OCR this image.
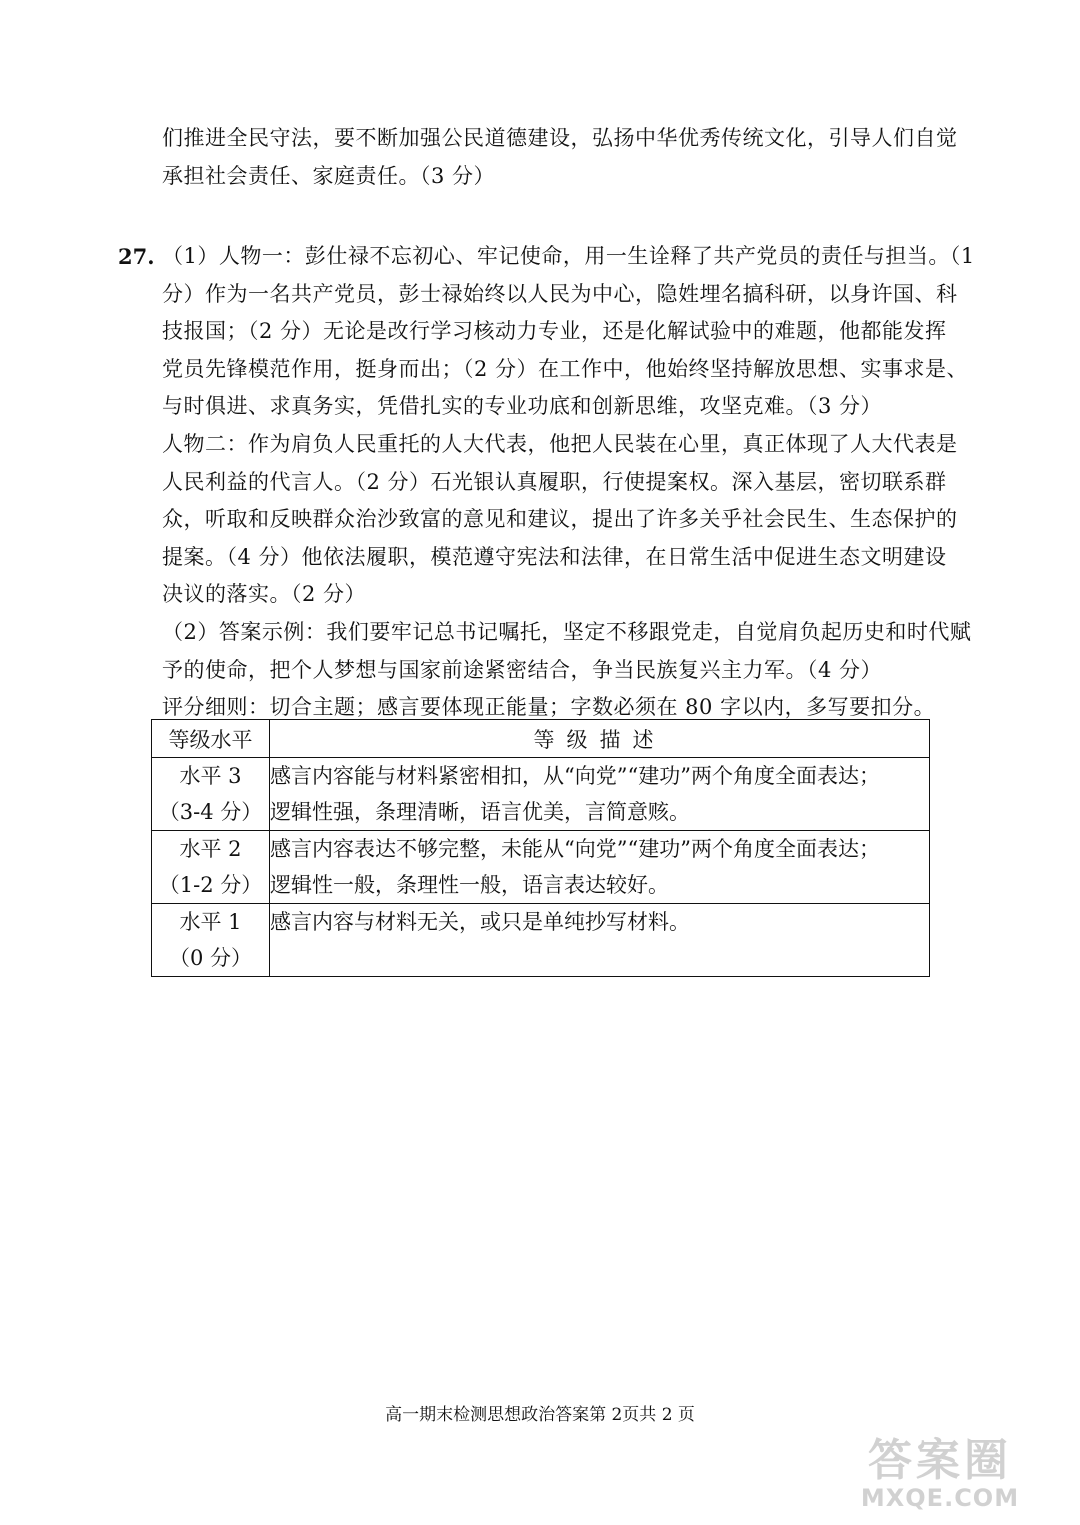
们推进全民守法，要不断加强公民道德建设，弘扬中华优秀传统文化，引导人们自觉
承担社会责任、家庭责任。（3 分）

27. （1）人物一：彭仕禄不忘初心、牢记使命，用一生诠释了共产党员的责任与担当。（1
分）作为一名共产党员，彭士禄始终以人民为中心，隐姓埋名搞科研，以身许国、科
技报国；（2 分）无论是改行学习核动力专业，还是化解试验中的难题，他都能发挥
党员先锋模范作用，挺身而出；（2 分）在工作中，他始终坚持解放思想、实事求是、
与时俱进、求真务实，凭借扎实的专业功底和创新思维，攻坚克难。（3 分）
人物二：作为肩负人民重托的人大代表，他把人民装在心里，真正体现了人大代表是
人民利益的代言人。（2 分）石光银认真履职，行使提案权。深入基层，密切联系群
众，听取和反映群众治沙致富的意见和建议，提出了许多关乎社会民生、生态保护的
提案。（4 分）他依法履职，模范遵守宪法和法律，在日常生活中促进生态文明建设
决议的落实。（2 分）
（2）答案示例：我们要牢记总书记嘱托，坚定不移跟党走，自觉肩负起历史和时代赋
予的使命，把个人梦想与国家前途紧密结合，争当民族复兴主力军。（4 分）
评分细则：切合主题；感言要体现正能量；字数必须在 80 字以内，多写要扣分。

等级水平	等级描述

水平 3
（3-4 分）	感言内容能与材料紧密相扣，从“向党”“建功”两个角度全面表达；
逻辑性强，条理清晰，语言优美，言简意赅。

水平 2
（1-2 分）	感言内容表达不够完整，未能从“向党”“建功”两个角度全面表达；
逻辑性一般，条理性一般，语言表达较好。

水平 1
（0 分）	感言内容与材料无关，或只是单纯抄写材料。

高一期末检测思想政治答案第 2页共 2 页
答案圈
MXQE.COM
